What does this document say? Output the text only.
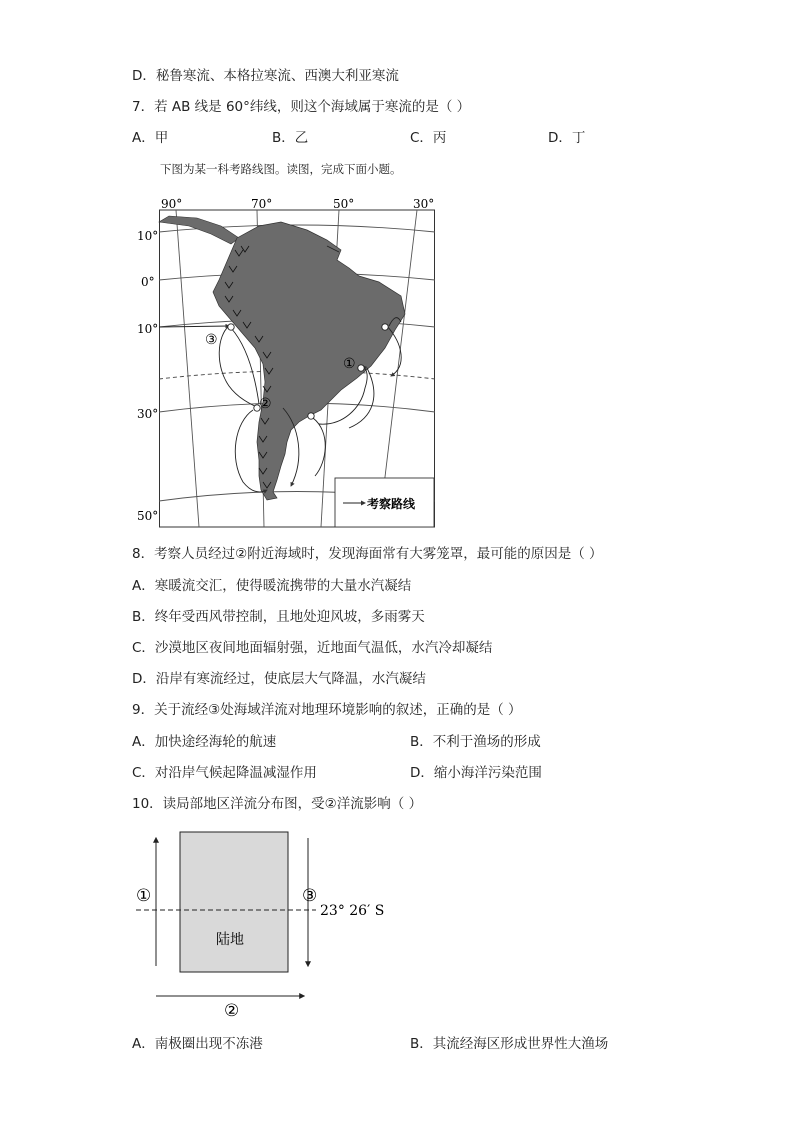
D．秘鲁寒流、本格拉寒流、西澳大利亚寒流
7．若 AB 线是 60°纬线，则这个海域属于寒流的是（ ）
A．甲	B．乙	C．丙	D．丁
下图为某一科考路线图。读图，完成下面小题。
90°	70°	50°	30°
10°
0°
10°
30°
50°
①
②
③
考察路线
8．考察人员经过②附近海域时，发现海面常有大雾笼罩，最可能的原因是（ ）
A．寒暖流交汇，使得暖流携带的大量水汽凝结
B．终年受西风带控制，且地处迎风坡，多雨雾天
C．沙漠地区夜间地面辐射强，近地面气温低，水汽冷却凝结
D．沿岸有寒流经过，使底层大气降温，水汽凝结
9．关于流经③处海域洋流对地理环境影响的叙述，正确的是（ ）
A．加快途经海轮的航速	B．不利于渔场的形成
C．对沿岸气候起降温减湿作用	D．缩小海洋污染范围
10．读局部地区洋流分布图，受②洋流影响（ ）
①	③
②
23° 26′ S
陆地
A．南极圈出现不冻港	B．其流经海区形成世界性大渔场
